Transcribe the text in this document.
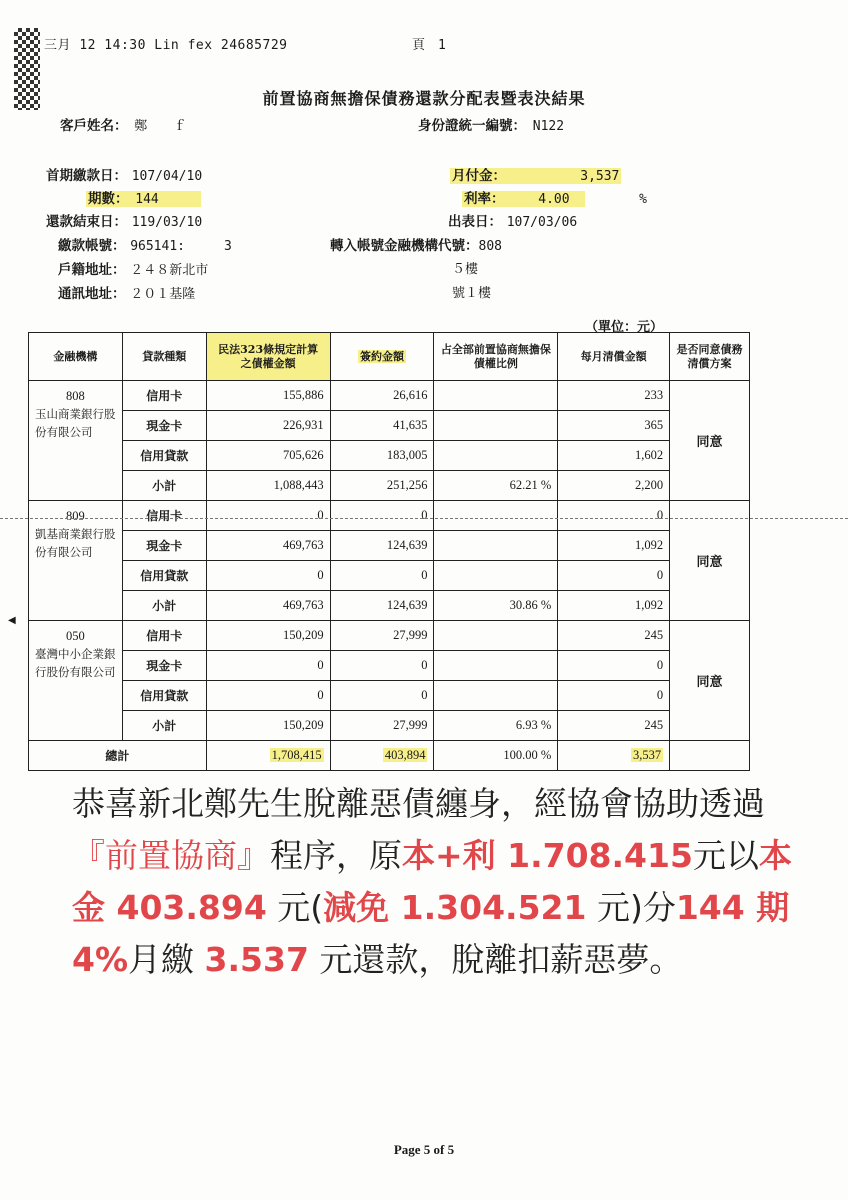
三月 12 14:30 Lin fex 24685729	頁　 1
前置協商無擔保債務還款分配表暨表決結果
客戶姓名：　 鄭　　ｆ	身份證統一編號：　 N122
首期繳款日： 107/04/10
期數：　 144　　　
還款結束日： 119/03/10
繳款帳號： 965141:　　　3
戶籍地址： ２４８新北市
通訊地址： ２０１基隆
月付金：　　　　　　	3,537
利率：　　　	4.00　　　　　	%
出表日： 107/03/06
轉入帳號金融機構代號：808
５樓
號１樓
（單位：元）
金融機構	貸款種類	民法323條規定計算之債權金額	簽約金額	占全部前置協商無擔保債權比例	每月清償金額	是否同意債務清償方案

808
玉山商業銀行股份有限公司	信用卡	155,886	26,616		233	同意
	現金卡	226,931	41,635		365	
	信用貸款	705,626	183,005		1,602	
	小計	1,088,443	251,256	62.21 %	2,200	

809
凱基商業銀行股份有限公司	信用卡	0	0		0	同意
	現金卡	469,763	124,639		1,092	
	信用貸款	0	0		0	
	小計	469,763	124,639	30.86 %	1,092	

050
臺灣中小企業銀行股份有限公司	信用卡	150,209	27,999		245	同意
	現金卡	0	0		0	
	信用貸款	0	0		0	
	小計	150,209	27,999	6.93 %	245	
總計		1,708,415	403,894	100.00 %	3,537	
◀
恭喜新北鄭先生脫離惡債纏身，經協會協助透過『前置協商』程序，原本+利 1.708.415元以本金 403.894 元(減免 1.304.521 元)分144 期 4%月繳 3.537 元還款，脫離扣薪惡夢。
Page 5 of 5
